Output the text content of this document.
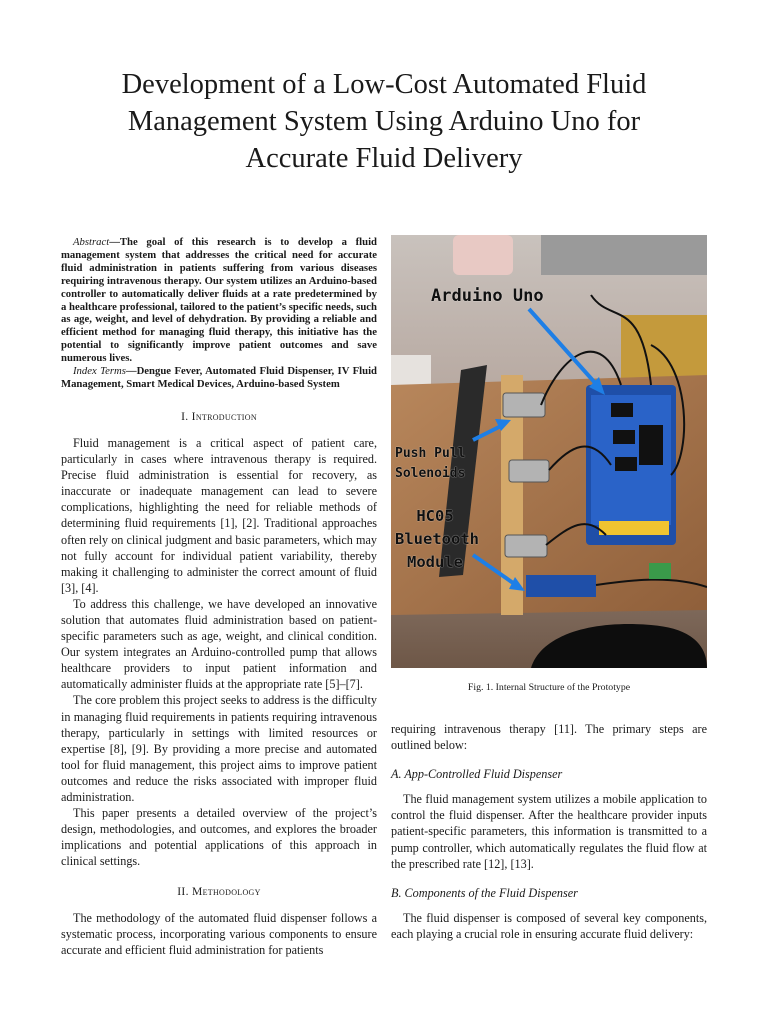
Development of a Low-Cost Automated Fluid
Management System Using Arduino Uno for
Accurate Fluid Delivery

Abstract—The goal of this research is to develop a fluid management system that addresses the critical need for accurate fluid administration in patients suffering from various diseases requiring intravenous therapy. Our system utilizes an Arduino-based controller to automatically deliver fluids at a rate predetermined by a healthcare professional, tailored to the patient’s specific needs, such as age, weight, and level of dehydration. By providing a reliable and efficient method for managing fluid therapy, this initiative has the potential to significantly improve patient outcomes and save numerous lives.

Index Terms—Dengue Fever, Automated Fluid Dispenser, IV Fluid Management, Smart Medical Devices, Arduino-based System

I. Introduction

Fluid management is a critical aspect of patient care, particularly in cases where intravenous therapy is required. Precise fluid administration is essential for recovery, as inaccurate or inadequate management can lead to severe complications, highlighting the need for reliable methods of determining fluid requirements [1], [2]. Traditional approaches often rely on clinical judgment and basic parameters, which may not fully account for individual patient variability, thereby making it challenging to administer the correct amount of fluid [3], [4].

To address this challenge, we have developed an innovative solution that automates fluid administration based on patient-specific parameters such as age, weight, and clinical condition. Our system integrates an Arduino-controlled pump that allows healthcare providers to input patient information and automatically administer fluids at the appropriate rate [5]–[7].

The core problem this project seeks to address is the difficulty in managing fluid requirements in patients requiring intravenous therapy, particularly in settings with limited resources or expertise [8], [9]. By providing a more precise and automated tool for fluid management, this project aims to improve patient outcomes and reduce the risks associated with improper fluid administration.

This paper presents a detailed overview of the project’s design, methodologies, and outcomes, and explores the broader implications and potential applications of this approach in clinical settings.

II. Methodology

The methodology of the automated fluid dispenser follows a systematic process, incorporating various components to ensure accurate and efficient fluid administration for patients

Arduino Uno
Push Pull
Solenoids
HC05
Bluetooth
Module
Fig. 1. Internal Structure of the Prototype

requiring intravenous therapy [11]. The primary steps are outlined below:

A. App-Controlled Fluid Dispenser

The fluid management system utilizes a mobile application to control the fluid dispenser. After the healthcare provider inputs patient-specific parameters, this information is transmitted to a pump controller, which automatically regulates the fluid flow at the prescribed rate [12], [13].

B. Components of the Fluid Dispenser

The fluid dispenser is composed of several key components, each playing a crucial role in ensuring accurate fluid delivery:
